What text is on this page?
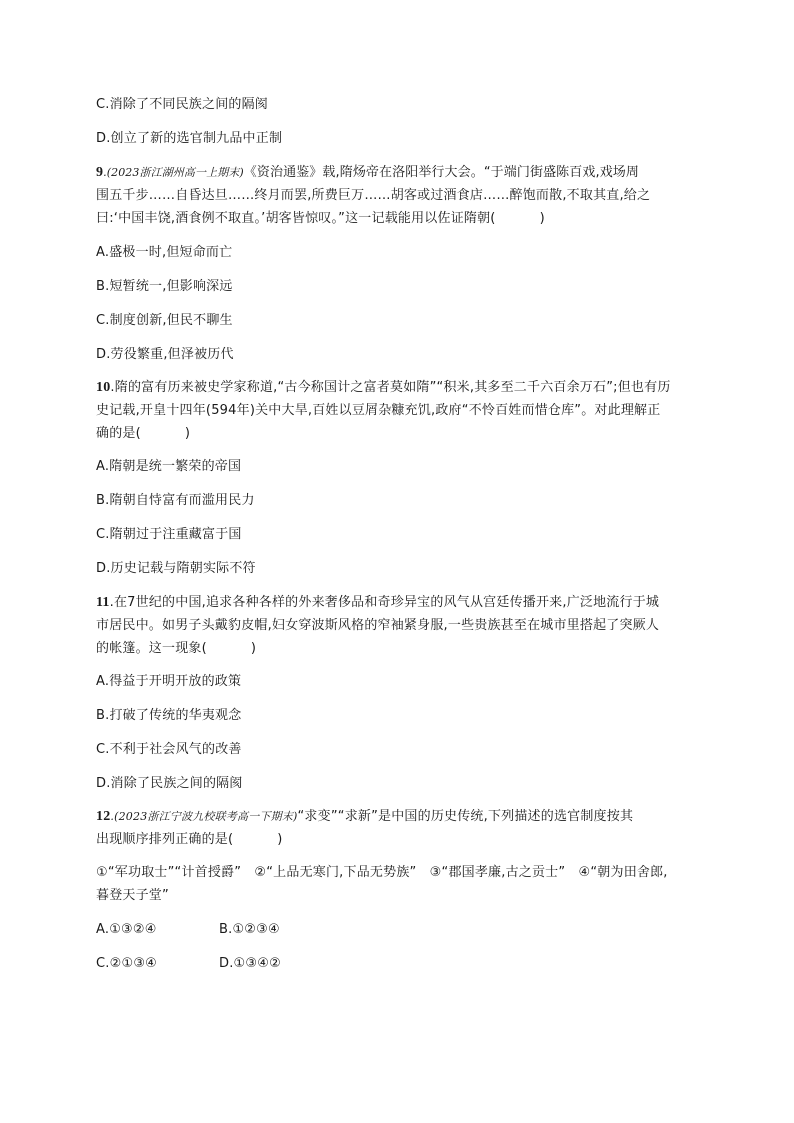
C.消除了不同民族之间的隔阂
D.创立了新的选官制九品中正制
9.(2023浙江湖州高一上期末)《资治通鉴》载,隋炀帝在洛阳举行大会。“于端门街盛陈百戏,戏场周
围五千步……自昏达旦……终月而罢,所费巨万……胡客或过酒食店……醉饱而散,不取其直,给之
曰:‘中国丰饶,酒食例不取直。’胡客皆惊叹。”这一记载能用以佐证隋朝(	)
A.盛极一时,但短命而亡
B.短暂统一,但影响深远
C.制度创新,但民不聊生
D.劳役繁重,但泽被历代
10.隋的富有历来被史学家称道,“古今称国计之富者莫如隋”“积米,其多至二千六百余万石”;但也有历
史记载,开皇十四年(594年)关中大旱,百姓以豆屑杂糠充饥,政府“不怜百姓而惜仓库”。对此理解正
确的是(	)
A.隋朝是统一繁荣的帝国
B.隋朝自恃富有而滥用民力
C.隋朝过于注重藏富于国
D.历史记载与隋朝实际不符
11.在7世纪的中国,追求各种各样的外来奢侈品和奇珍异宝的风气从宫廷传播开来,广泛地流行于城
市居民中。如男子头戴豹皮帽,妇女穿波斯风格的窄袖紧身服,一些贵族甚至在城市里搭起了突厥人
的帐篷。这一现象(	)
A.得益于开明开放的政策
B.打破了传统的华夷观念
C.不利于社会风气的改善
D.消除了民族之间的隔阂
12.(2023浙江宁波九校联考高一下期末)“求变”“求新”是中国的历史传统,下列描述的选官制度按其
出现顺序排列正确的是(	)
①“军功取士”“计首授爵”　②“上品无寒门,下品无势族”　③“郡国孝廉,古之贡士”　④“朝为田舍郎,
暮登天子堂”
A.①③②④	B.①②③④
C.②①③④	D.①③④②
